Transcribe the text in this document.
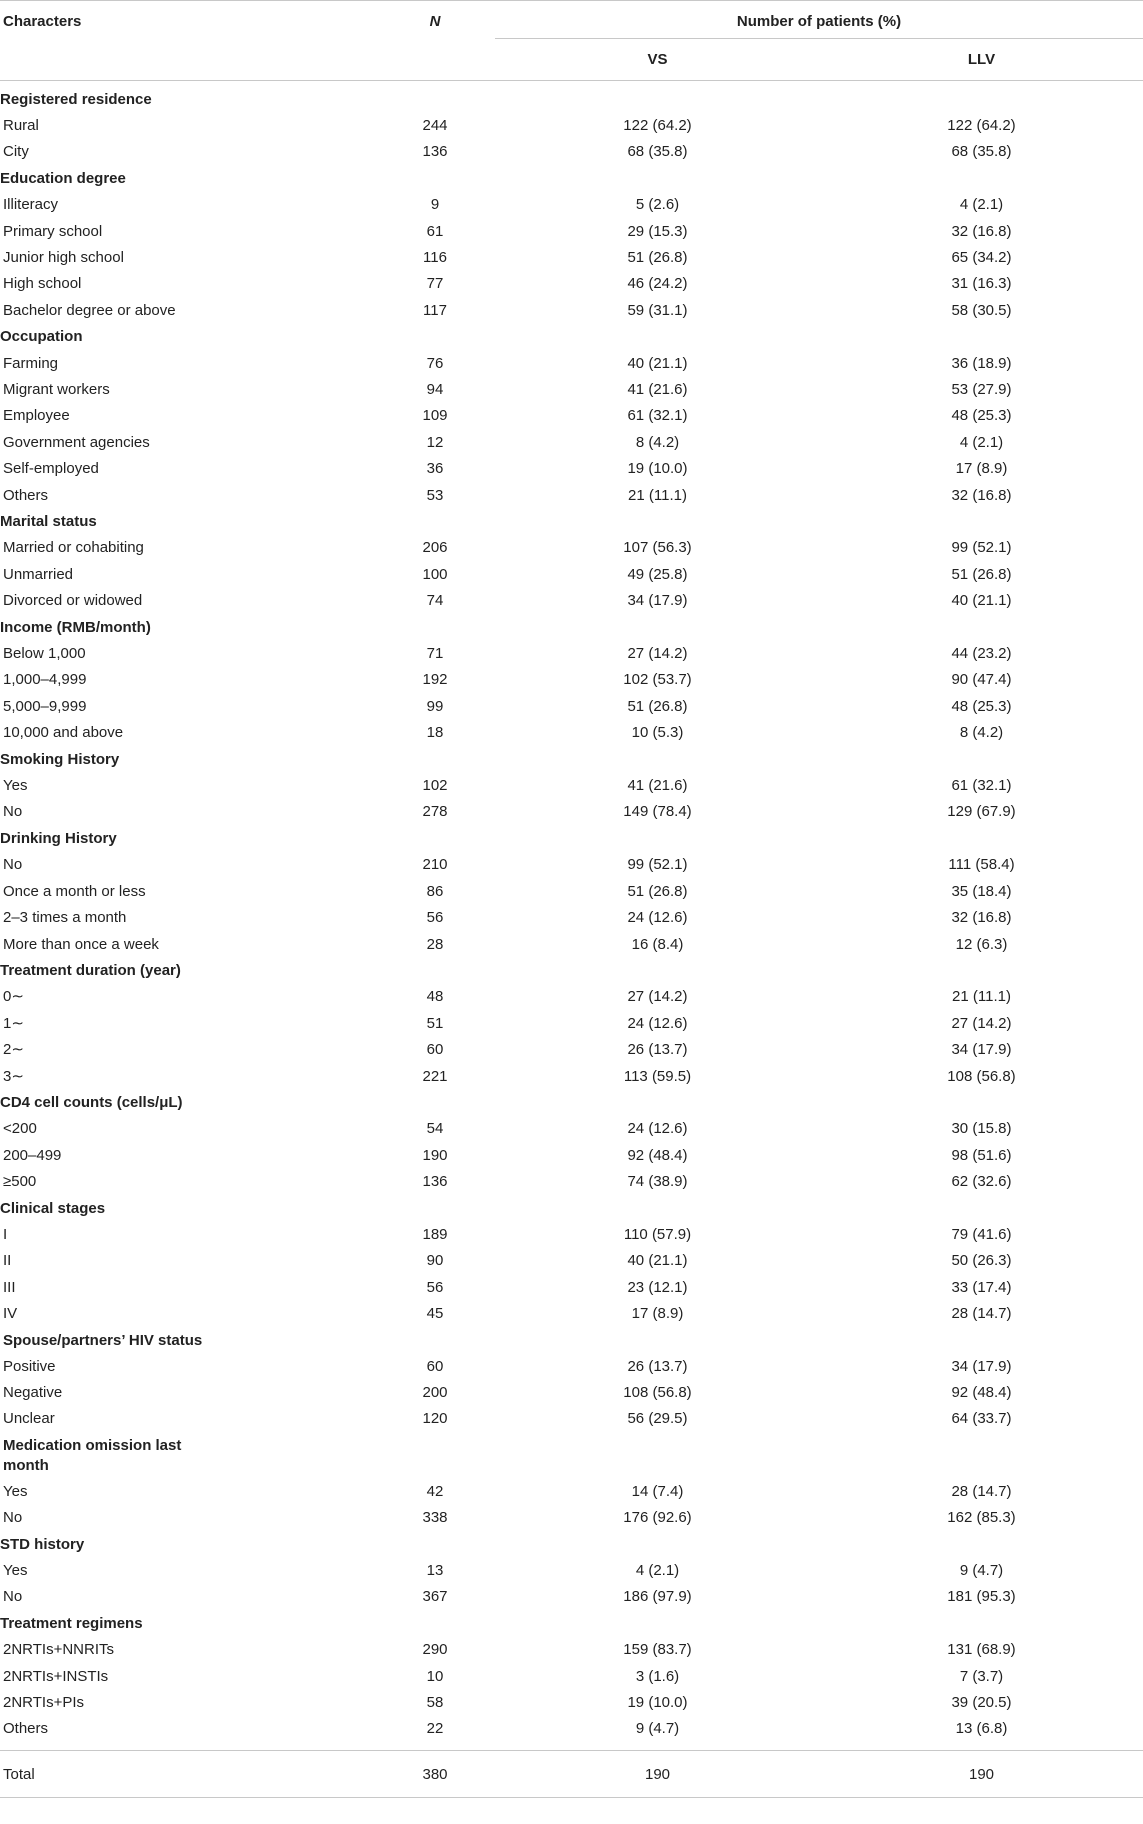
Characters	N	Number of patients (%)	
		VS	LLV

Registered residence			
Rural	244	122 (64.2)	122 (64.2)
City	136	68 (35.8)	68 (35.8)
Education degree			
Illiteracy	9	5 (2.6)	4 (2.1)
Primary school	61	29 (15.3)	32 (16.8)
Junior high school	116	51 (26.8)	65 (34.2)
High school	77	46 (24.2)	31 (16.3)
Bachelor degree or above	117	59 (31.1)	58 (30.5)
Occupation			
Farming	76	40 (21.1)	36 (18.9)
Migrant workers	94	41 (21.6)	53 (27.9)
Employee	109	61 (32.1)	48 (25.3)
Government agencies	12	8 (4.2)	4 (2.1)
Self-employed	36	19 (10.0)	17 (8.9)
Others	53	21 (11.1)	32 (16.8)
Marital status			
Married or cohabiting	206	107 (56.3)	99 (52.1)
Unmarried	100	49 (25.8)	51 (26.8)
Divorced or widowed	74	34 (17.9)	40 (21.1)
Income (RMB/month)			
Below 1,000	71	27 (14.2)	44 (23.2)
1,000–4,999	192	102 (53.7)	90 (47.4)
5,000–9,999	99	51 (26.8)	48 (25.3)
10,000 and above	18	10 (5.3)	8 (4.2)
Smoking History			
Yes	102	41 (21.6)	61 (32.1)
No	278	149 (78.4)	129 (67.9)
Drinking History			
No	210	99 (52.1)	111 (58.4)
Once a month or less	86	51 (26.8)	35 (18.4)
2–3 times a month	56	24 (12.6)	32 (16.8)
More than once a week	28	16 (8.4)	12 (6.3)
Treatment duration (year)			
0∼	48	27 (14.2)	21 (11.1)
1∼	51	24 (12.6)	27 (14.2)
2∼	60	26 (13.7)	34 (17.9)
3∼	221	113 (59.5)	108 (56.8)
CD4 cell counts (cells/μL)			
<200	54	24 (12.6)	30 (15.8)
200–499	190	92 (48.4)	98 (51.6)
≥500	136	74 (38.9)	62 (32.6)
Clinical stages			
I	189	110 (57.9)	79 (41.6)
II	90	40 (21.1)	50 (26.3)
III	56	23 (12.1)	33 (17.4)
IV	45	17 (8.9)	28 (14.7)
Spouse/partners’ HIV status			
Positive	60	26 (13.7)	34 (17.9)
Negative	200	108 (56.8)	92 (48.4)
Unclear	120	56 (29.5)	64 (33.7)
Medication omission last month			
Yes	42	14 (7.4)	28 (14.7)
No	338	176 (92.6)	162 (85.3)
STD history			
Yes	13	4 (2.1)	9 (4.7)
No	367	186 (97.9)	181 (95.3)
Treatment regimens			
2NRTIs+NNRITs	290	159 (83.7)	131 (68.9)
2NRTIs+INSTIs	10	3 (1.6)	7 (3.7)
2NRTIs+PIs	58	19 (10.0)	39 (20.5)
Others	22	9 (4.7)	13 (6.8)

Total	380	190	190
